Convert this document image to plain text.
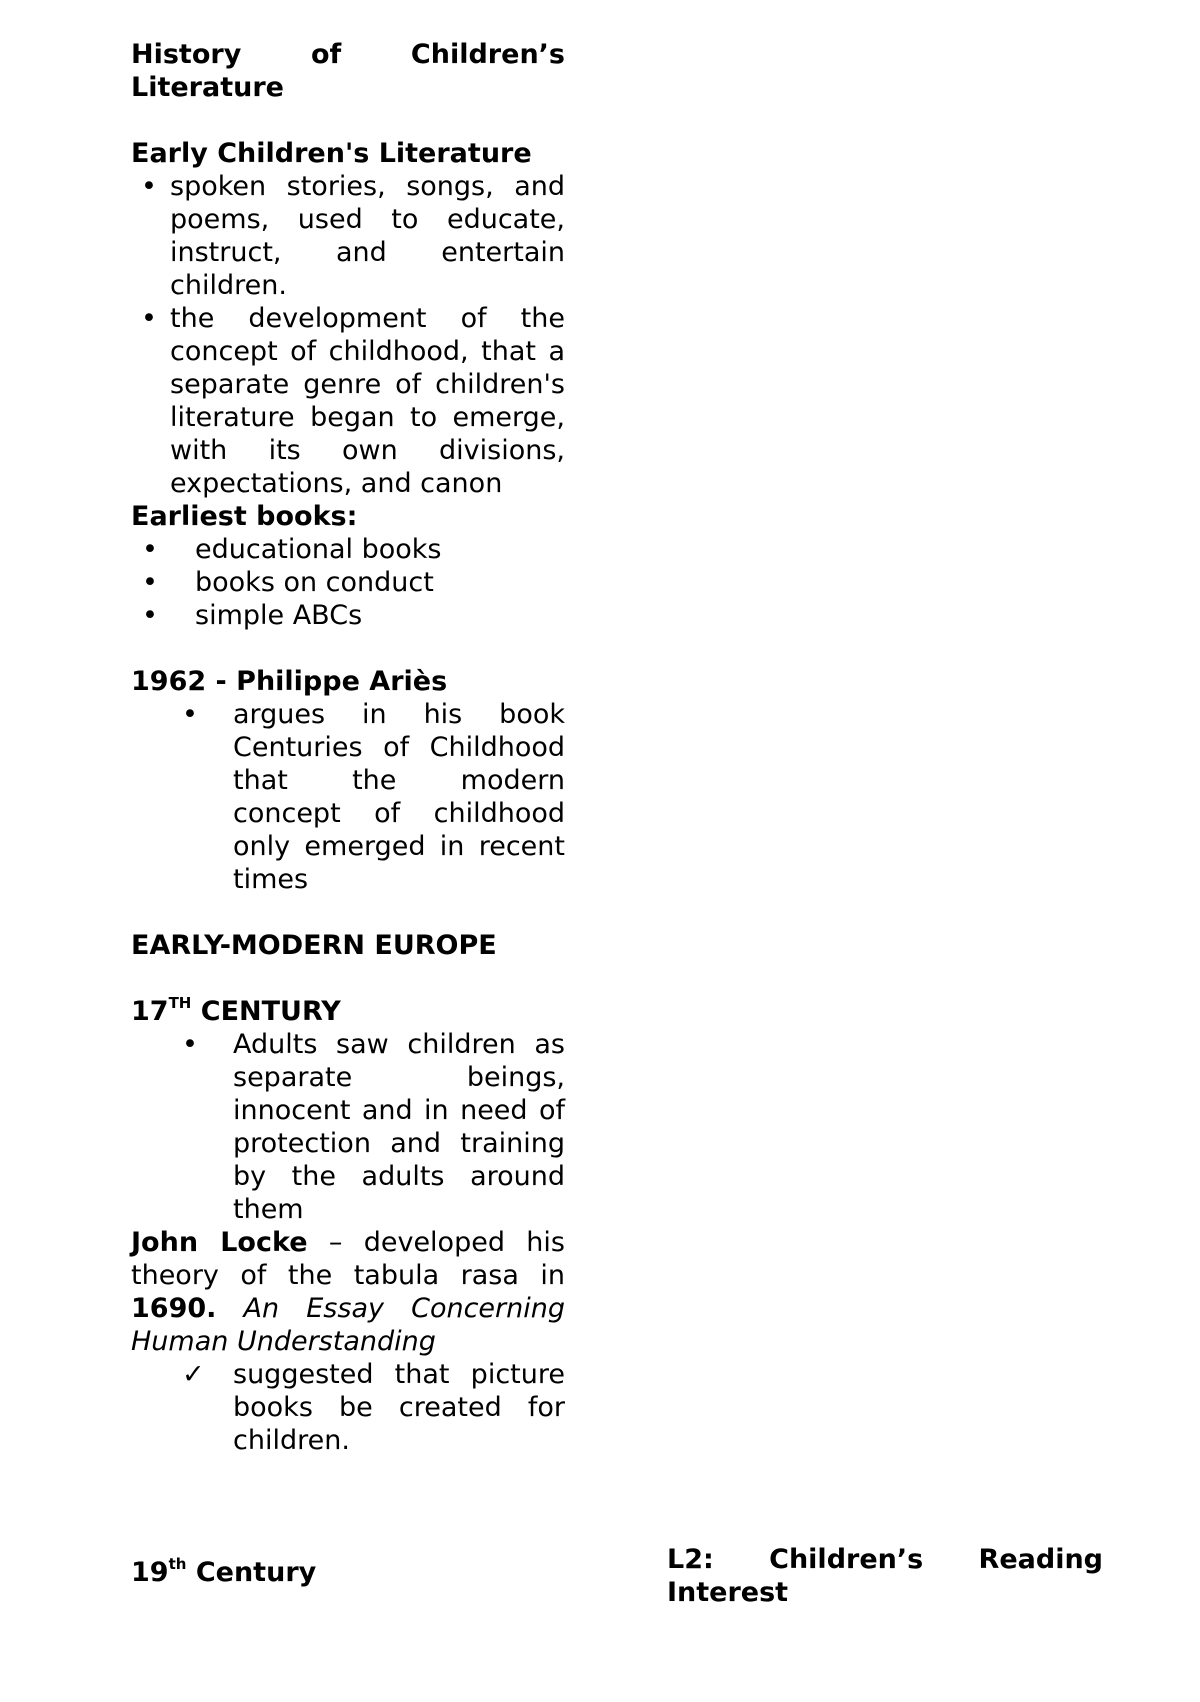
History of Children’s Literature

Early Children's Literature

• spoken stories, songs, and poems, used to educate, instruct, and entertain children.
• the development of the concept of childhood, that a separate genre of children's literature began to emerge, with its own divisions, expectations, and canon

Earliest books:

• educational books
• books on conduct
• simple ABCs

1962 - Philippe Ariès

• argues in his book Centuries of Childhood that the modern concept of childhood only emerged in recent times

EARLY-MODERN EUROPE

17TH CENTURY

• Adults saw children as separate beings, innocent and in need of protection and training by the adults around them

John Locke – developed his theory of the tabula rasa in 1690. An Essay Concerning Human Understanding

✓ suggested that picture books be created for children.

19th Century	L2: Children’s Reading Interest
